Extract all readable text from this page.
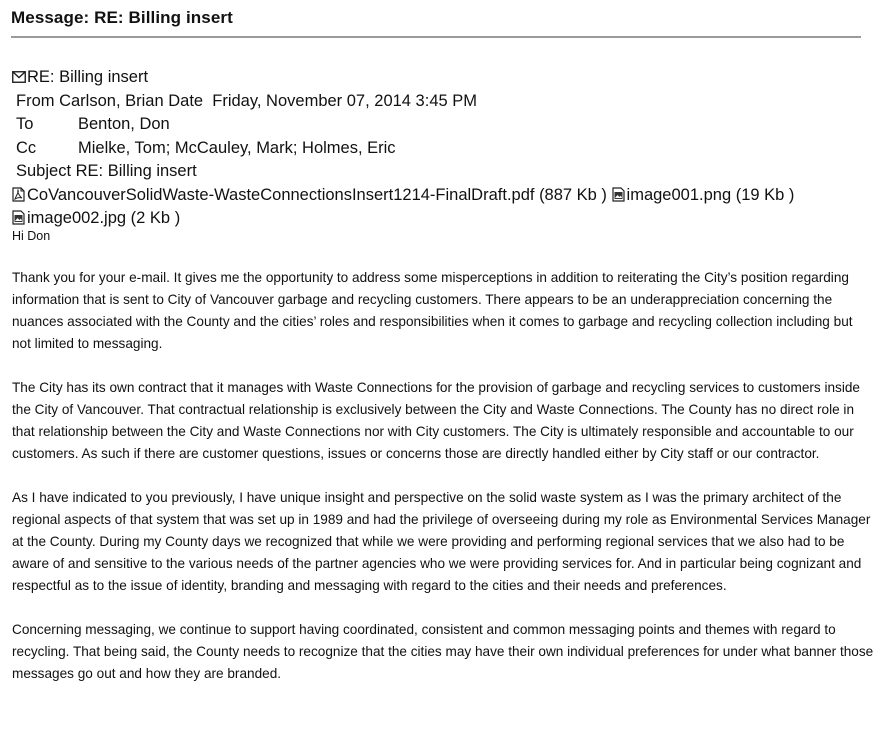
Message: RE: Billing insert
RE: Billing insert
From Carlson, Brian Date Friday, November 07, 2014 3:45 PM
To	Benton, Don
Cc	Mielke, Tom; McCauley, Mark; Holmes, Eric
Subject RE: Billing insert
CoVancouverSolidWaste-WasteConnectionsInsert1214-FinalDraft.pdf (887 Kb ) image001.png (19 Kb )
image002.jpg (2 Kb )
Hi Don

Thank you for your e-mail. It gives me the opportunity to address some misperceptions in addition to reiterating the City’s position regarding information that is sent to City of Vancouver garbage and recycling customers. There appears to be an underappreciation concerning the nuances associated with the County and the cities’ roles and responsibilities when it comes to garbage and recycling collection including but not limited to messaging.

The City has its own contract that it manages with Waste Connections for the provision of garbage and recycling services to customers inside the City of Vancouver. That contractual relationship is exclusively between the City and Waste Connections. The County has no direct role in that relationship between the City and Waste Connections nor with City customers. The City is ultimately responsible and accountable to our customers. As such if there are customer questions, issues or concerns those are directly handled either by City staff or our contractor.

As I have indicated to you previously, I have unique insight and perspective on the solid waste system as I was the primary architect of the regional aspects of that system that was set up in 1989 and had the privilege of overseeing during my role as Environmental Services Manager at the County. During my County days we recognized that while we were providing and performing regional services that we also had to be aware of and sensitive to the various needs of the partner agencies who we were providing services for. And in particular being cognizant and respectful as to the issue of identity, branding and messaging with regard to the cities and their needs and preferences.

Concerning messaging, we continue to support having coordinated, consistent and common messaging points and themes with regard to recycling. That being said, the County needs to recognize that the cities may have their own individual preferences for under what banner those messages go out and how they are branded.
